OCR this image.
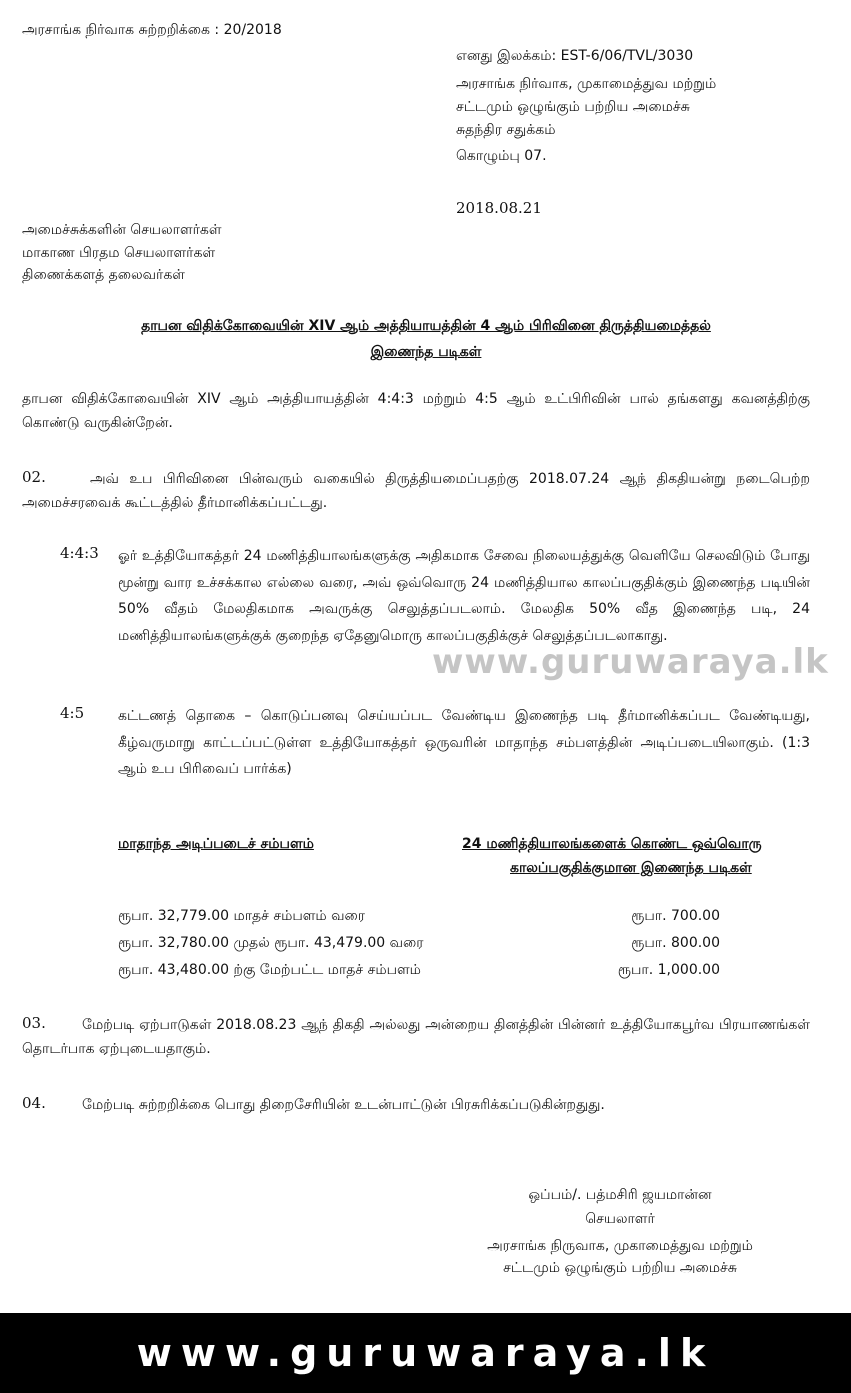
அரசாங்க நிர்வாக சுற்றறிக்கை : 20/2018
எனது இலக்கம்: EST-6/06/TVL/3030
அரசாங்க நிர்வாக, முகாமைத்துவ மற்றும்
சட்டமும் ஒழுங்கும் பற்றிய அமைச்சு
சுதந்திர சதுக்கம்
கொழும்பு 07.
2018.08.21
அமைச்சுக்களின் செயலாளர்கள்
மாகாண பிரதம செயலாளர்கள்
திணைக்களத் தலைவர்கள்
தாபன விதிக்கோவையின் XIV ஆம் அத்தியாயத்தின் 4 ஆம் பிரிவினை திருத்தியமைத்தல்
இணைந்த படிகள்
தாபன விதிக்கோவையின் XIV ஆம் அத்தியாயத்தின் 4:4:3 மற்றும் 4:5 ஆம் உட்பிரிவின் பால் தங்களது கவனத்திற்கு கொண்டு வருகின்றேன்.
02.	அவ் உப பிரிவினை பின்வரும் வகையில் திருத்தியமைப்பதற்கு 2018.07.24 ஆந் திகதியன்று நடைபெற்ற அமைச்சரவைக் கூட்டத்தில் தீர்மானிக்கப்பட்டது.
4:4:3 ஓர் உத்தியோகத்தர் 24 மணித்தியாலங்களுக்கு அதிகமாக சேவை நிலையத்துக்கு வெளியே செலவிடும் போது மூன்று வார உச்சக்கால எல்லை வரை, அவ் ஒவ்வொரு 24 மணித்தியால காலப்பகுதிக்கும் இணைந்த படியின் 50% வீதம் மேலதிகமாக அவருக்கு செலுத்தப்படலாம். மேலதிக 50% வீத இணைந்த படி, 24 மணித்தியாலங்களுக்குக் குறைந்த ஏதேனுமொரு காலப்பகுதிக்குச் செலுத்தப்படலாகாது.
www.guruwaraya.lk
4:5 கட்டணத் தொகை – கொடுப்பனவு செய்யப்பட வேண்டிய இணைந்த படி தீர்மானிக்கப்பட வேண்டியது, கீழ்வருமாறு காட்டப்பட்டுள்ள உத்தியோகத்தர் ஒருவரின் மாதாந்த சம்பளத்தின் அடிப்படையிலாகும். (1:3 ஆம் உப பிரிவைப் பார்க்க)
மாதாந்த அடிப்படைச் சம்பளம்	24 மணித்தியாலங்களைக் கொண்ட ஒவ்வொரு
காலப்பகுதிக்குமான இணைந்த படிகள்
ரூபா. 32,779.00 மாதச் சம்பளம் வரை	ரூபா. 700.00
ரூபா. 32,780.00 முதல் ரூபா. 43,479.00 வரை	ரூபா. 800.00
ரூபா. 43,480.00 ற்கு மேற்பட்ட மாதச் சம்பளம்	ரூபா. 1,000.00
03.	மேற்படி ஏற்பாடுகள் 2018.08.23 ஆந் திகதி அல்லது அன்றைய தினத்தின் பின்னர் உத்தியோகபூர்வ பிரயாணங்கள் தொடர்பாக ஏற்புடையதாகும்.
04.	மேற்படி சுற்றறிக்கை பொது திறைசேரியின் உடன்பாட்டுன் பிரசுரிக்கப்படுகின்றதுது.
ஒப்பம்/. பத்மசிரி ஜயமான்ன
செயலாளர்
அரசாங்க நிருவாக, முகாமைத்துவ மற்றும்
சட்டமும் ஒழுங்கும் பற்றிய அமைச்சு
www.guruwaraya.lk
